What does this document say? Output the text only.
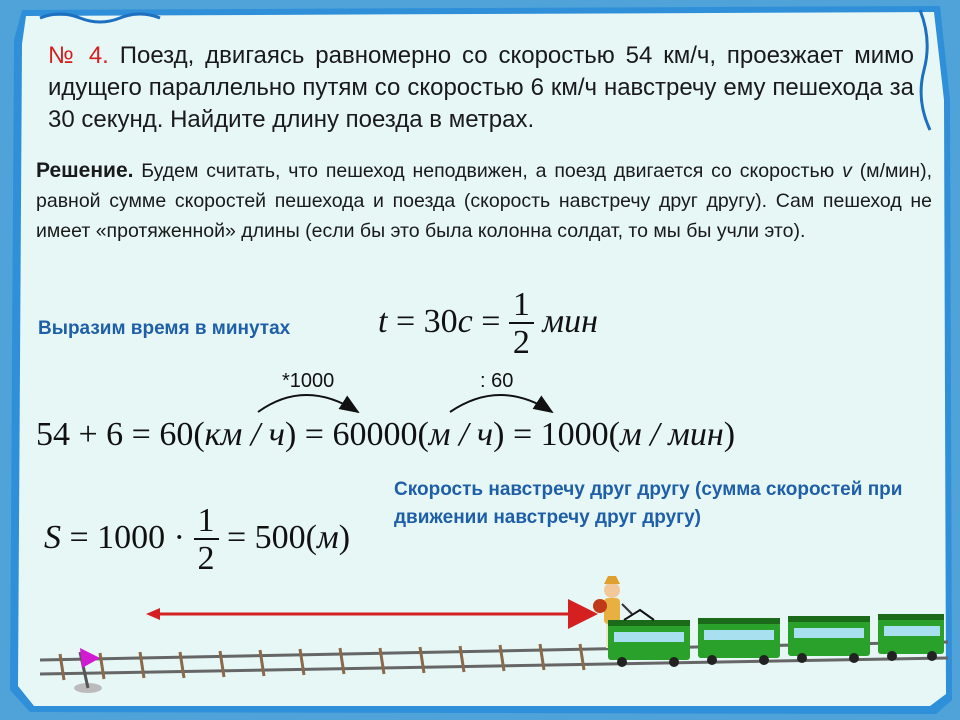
№ 4. Поезд, двигаясь равномерно со скоростью 54 км/ч, проезжает мимо идущего параллельно путям со скоростью 6 км/ч навстречу ему пешехода за 30 секунд. Найдите длину поезда в метрах.
Решение. Будем считать, что пешеход неподвижен, а поезд двигается со скоростью v (м/мин), равной сумме скоростей пешехода и поезда (скорость навстречу друг другу). Сам пешеход не имеет «протяженной» длины (если бы это была колонна солдат, то мы бы учли это).
Выразим время в минутах	$t = 30с = \frac{1}{2}$ мин
*1000	: 60
54 + 6 = 60(км / ч) = 60000(м / ч) = 1000(м / мин)
Скорость навстречу друг другу (сумма скоростей при движении навстречу друг другу)
$S = 1000 \cdot \frac{1}{2} = 500(м)$
